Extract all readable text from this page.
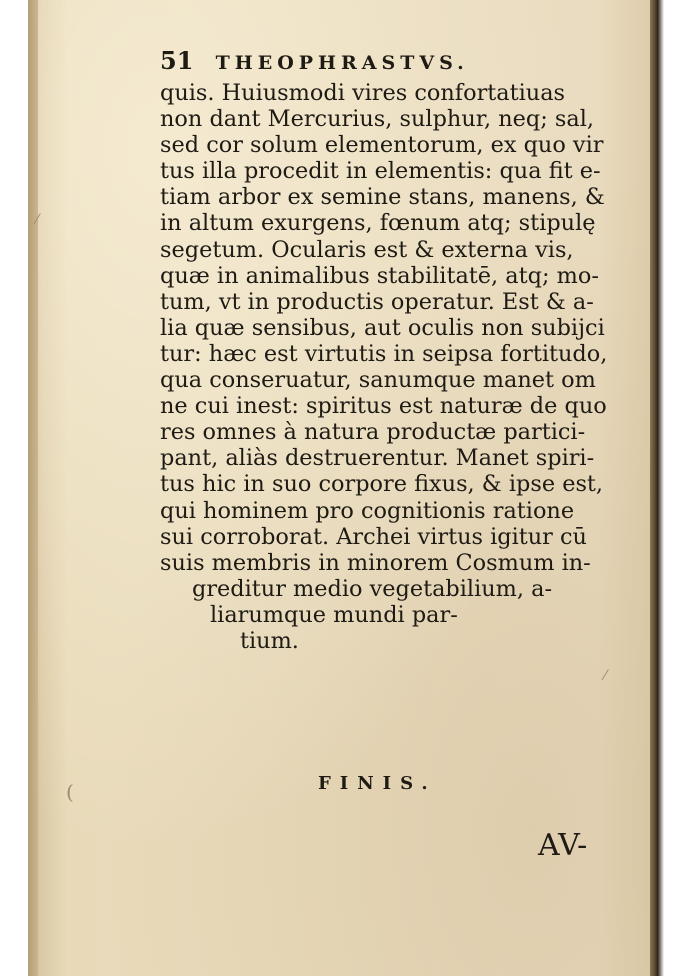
51 THEOPHRASTVS.
quis. Huiusmodi vires confortatiuas
non dant Mercurius, sulphur, neq; sal,
sed cor solum elementorum, ex quo vir
tus illa procedit in elementis: qua fit e-
tiam arbor ex semine stans, manens, &
in altum exurgens, fœnum atq; stipulę
segetum. Ocularis est & externa vis,
quæ in animalibus stabilitatē, atq; mo-
tum, vt in productis operatur. Est & a-
lia quæ sensibus, aut oculis non subijci
tur: hæc est virtutis in seipsa fortitudo,
qua conseruatur, sanumque manet om
ne cui inest: spiritus est naturæ de quo
res omnes à natura productæ partici-
pant, aliàs destruerentur. Manet spiri-
tus hic in suo corpore fixus, & ipse est,
qui hominem pro cognitionis ratione
sui corroborat. Archei virtus igitur cū
suis membris in minorem Cosmum in-
greditur medio vegetabilium, a-
liarumque mundi par-
tium.
FINIS.
AV-
⁄
(
⁄
